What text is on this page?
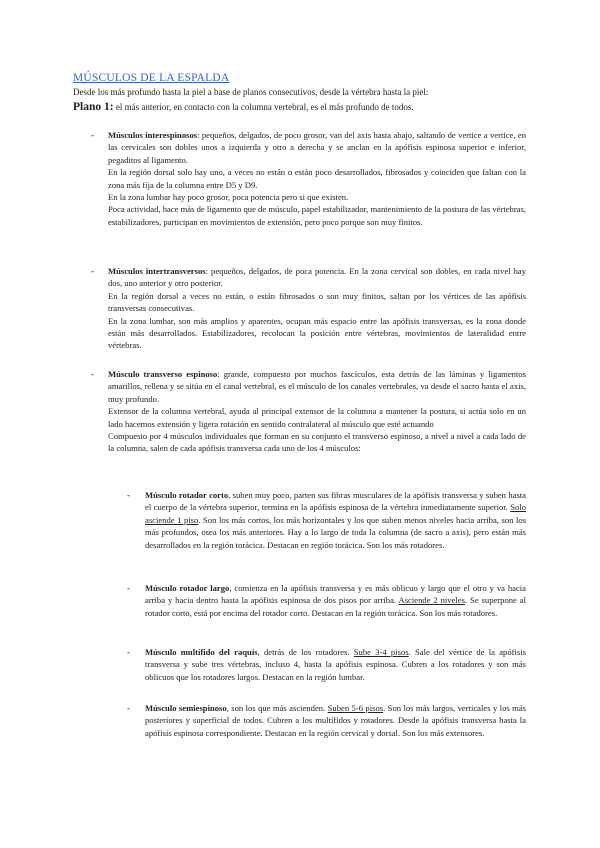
MÚSCULOS DE LA ESPALDA
Desde los más profundo hasta la piel a base de planos consecutivos, desde la vértebra hasta la piel:
Plano 1: el más anterior, en contacto con la columna vertebral, es el más profundo de todos.
- Músculos interespinosos: pequeños, delgados, de poco grosor, van del axis hasta abajo, saltando de vertice a vertice, en las cervicales son dobles unos a izquierda y otro a derecha y se anclan en la apófisis espinosa superior e inferior, pegaditos al ligamento.

En la región dorsal solo hay uno, a veces no están o están poco desarrollados, fibrosados y coinciden que faltan con la zona más fija de la columna entre D5 y D9.

En la zona lumbar hay poco grosor, poca potencia pero si que existen.

Poca actividad, hace más de ligamento que de músculo, papel estabilizador, mantenimiento de la postura de las vértebras, estabilizadores, participan en movimientos de extensión, pero poco porque son muy finitos.

- Músculos intertransversos: pequeños, delgados, de poca potencia. En la zona cervical son dobles, en cada nivel hay dos, uno anterior y otro posterior.

En la región dorsal a veces no están, o están fibrosados o son muy finitos, saltan por los vértices de las apófisis transversas consecutivas.

En la zona lumbar, son más amplios y aparentes, ocupan más espacio entre las apófisis transversas, es la zona donde están más desarrollados. Estabilizadores, recolocan la posición entre vértebras, movimientos de lateralidad entre vértebras.

- Músculo transverso espinoso: grande, compuesto por muchos fascículos, esta detrás de las láminas y ligamentos amarillos, rellena y se sitúa en el canal vertebral, es el músculo de los canales vertebrales, va desde el sacro hasta el axis, muy profundo.

Extensor de la columna vertebral, ayuda al principal extensor de la columna a mantener la postura, si actúa solo en un lado hacemos extensión y ligera rotación en sentido contralateral al músculo que esté actuando

Compuesto por 4 músculos individuales que forman en su conjunto el transverso espinoso, a nivel a nivel a cada lado de la columna, salen de cada apófisis transversa cada uno de los 4 músculos:

- Músculo rotador corto, suben muy poco, parten sus fibras musculares de la apófisis transversa y suben hasta el cuerpo de la vértebra superior, termina en la apófisis espinosa de la vértebra inmediatamente superior. Solo asciende 1 piso. Son los más cortos, los más horizontales y los que suben menos niveles hacia arriba, son los más profundos, osea los más anteriores. Hay a lo largo de toda la columna (de sacro a axis), pero están más desarrollados en la región torácica. Destacan en región torácica. Son los más rotadores.

- Músculo rotador largo, comienza en la apófisis transversa y es más oblicuo y largo que el otro y va hacia arriba y hacia dentro hasta la apófisis espinosa de dos pisos por arriba. Asciende 2 niveles. Se superpone al rotador corto, está por encima del rotador corto. Destacan en la región torácica. Son los más rotadores.

- Músculo multífido del raquis, detrás de los rotadores. Sube 3-4 pisos. Sale del vértice de la apófisis transversa y sube tres vértebras, incluso 4, hasta la apófisis espinosa. Cubren a los rotadores y son más oblicuos que los rotadores largos. Destacan en la región lumbar.

- Músculo semiespinoso, son los que más ascienden. Suben 5-6 pisos. Son los más largos, verticales y los más posteriores y superficial de todos. Cubren a los multífidos y rotadores. Desde la apófisis transversa hasta la apófisis espinosa correspondiente. Destacan en la región cervical y dorsal. Son los más extensores.
